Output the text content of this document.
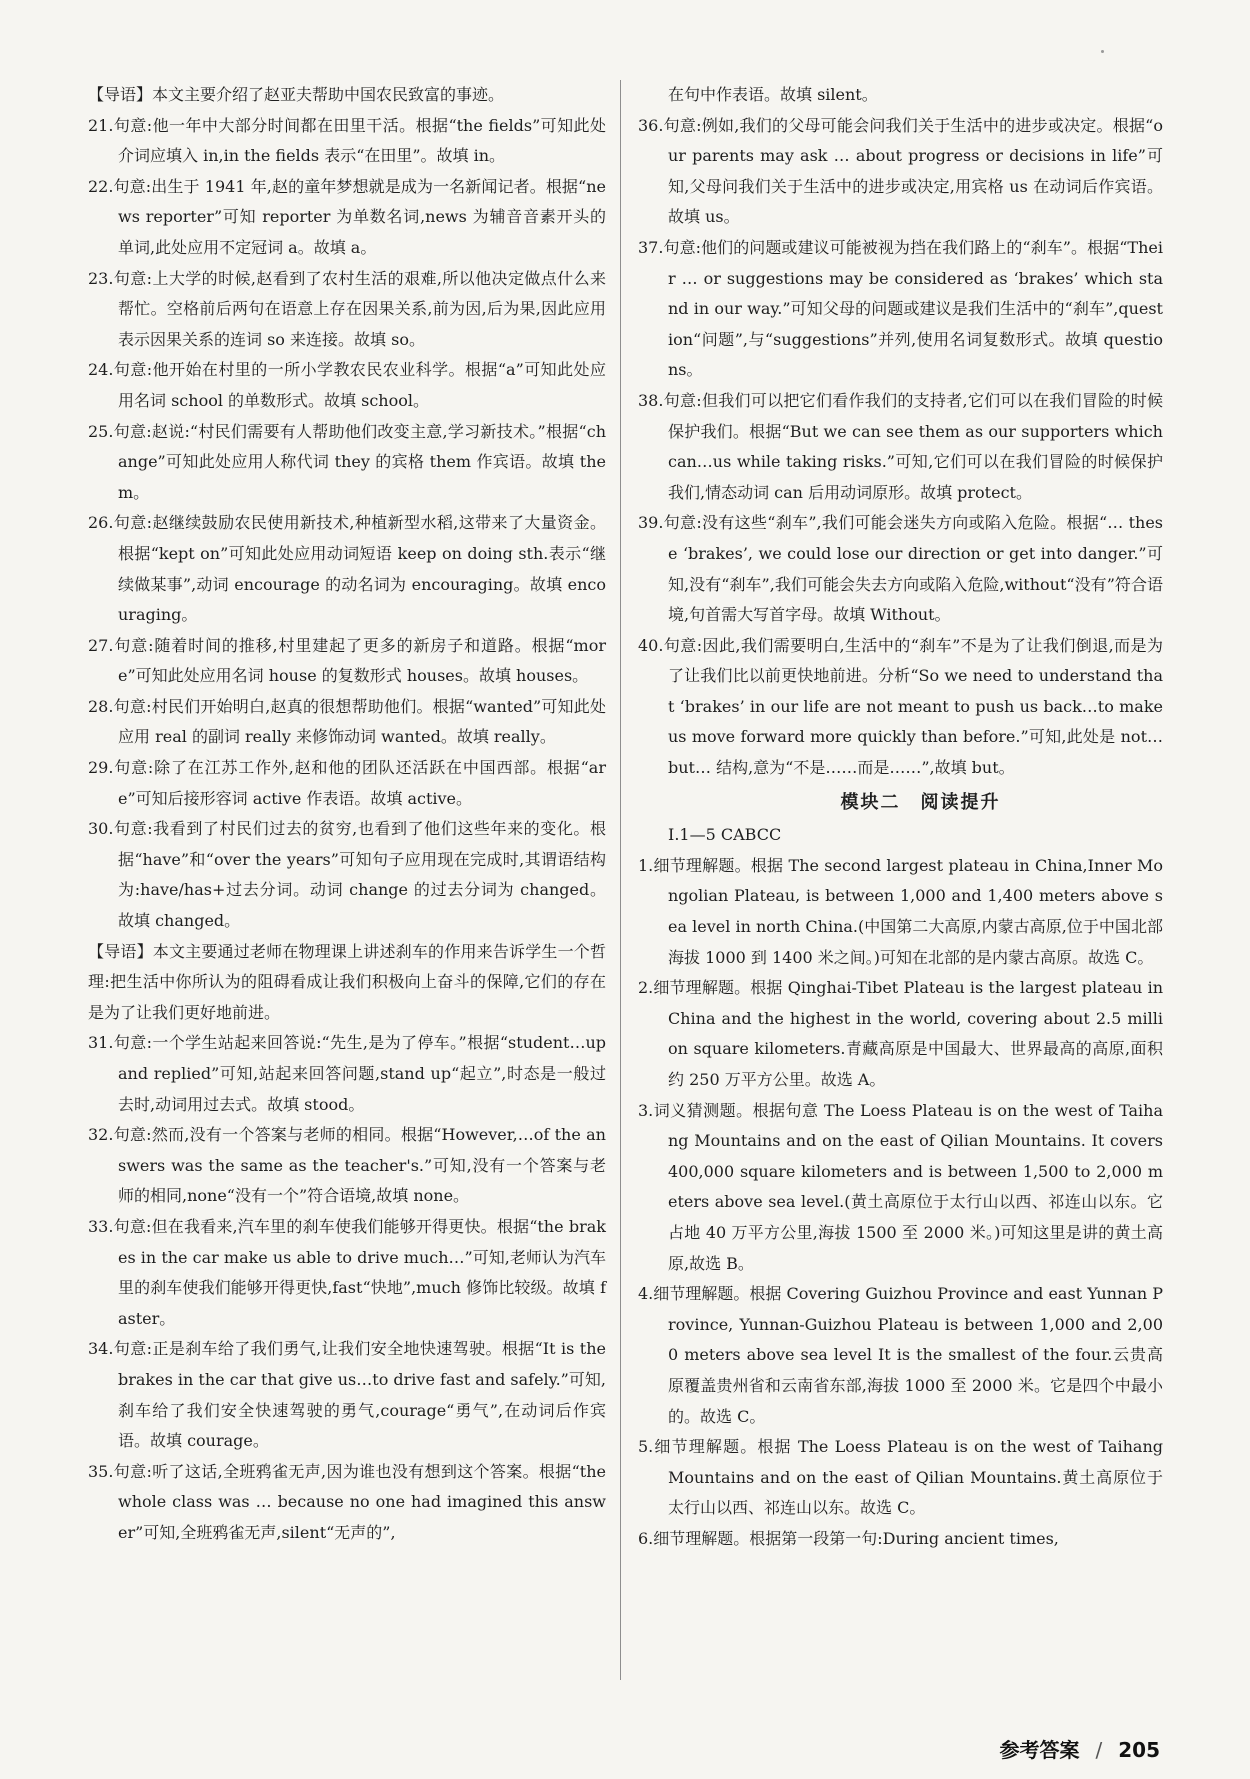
【导语】本文主要介绍了赵亚夫帮助中国农民致富的事迹。

21.句意:他一年中大部分时间都在田里干活。根据“the fields”可知此处介词应填入 in,in the fields 表示“在田里”。故填 in。

22.句意:出生于 1941 年,赵的童年梦想就是成为一名新闻记者。根据“news reporter”可知 reporter 为单数名词,news 为辅音音素开头的单词,此处应用不定冠词 a。故填 a。

23.句意:上大学的时候,赵看到了农村生活的艰难,所以他决定做点什么来帮忙。空格前后两句在语意上存在因果关系,前为因,后为果,因此应用表示因果关系的连词 so 来连接。故填 so。

24.句意:他开始在村里的一所小学教农民农业科学。根据“a”可知此处应用名词 school 的单数形式。故填 school。

25.句意:赵说:“村民们需要有人帮助他们改变主意,学习新技术。”根据“change”可知此处应用人称代词 they 的宾格 them 作宾语。故填 them。

26.句意:赵继续鼓励农民使用新技术,种植新型水稻,这带来了大量资金。根据“kept on”可知此处应用动词短语 keep on doing sth.表示“继续做某事”,动词 encourage 的动名词为 encouraging。故填 encouraging。

27.句意:随着时间的推移,村里建起了更多的新房子和道路。根据“more”可知此处应用名词 house 的复数形式 houses。故填 houses。

28.句意:村民们开始明白,赵真的很想帮助他们。根据“wanted”可知此处应用 real 的副词 really 来修饰动词 wanted。故填 really。

29.句意:除了在江苏工作外,赵和他的团队还活跃在中国西部。根据“are”可知后接形容词 active 作表语。故填 active。

30.句意:我看到了村民们过去的贫穷,也看到了他们这些年来的变化。根据“have”和“over the years”可知句子应用现在完成时,其谓语结构为:have/has+过去分词。动词 change 的过去分词为 changed。故填 changed。

【导语】本文主要通过老师在物理课上讲述刹车的作用来告诉学生一个哲理:把生活中你所认为的阻碍看成让我们积极向上奋斗的保障,它们的存在是为了让我们更好地前进。

31.句意:一个学生站起来回答说:“先生,是为了停车。”根据“student…up and replied”可知,站起来回答问题,stand up“起立”,时态是一般过去时,动词用过去式。故填 stood。

32.句意:然而,没有一个答案与老师的相同。根据“However,…of the answers was the same as the teacher's.”可知,没有一个答案与老师的相同,none“没有一个”符合语境,故填 none。

33.句意:但在我看来,汽车里的刹车使我们能够开得更快。根据“the brakes in the car make us able to drive much…”可知,老师认为汽车里的刹车使我们能够开得更快,fast“快地”,much 修饰比较级。故填 faster。

34.句意:正是刹车给了我们勇气,让我们安全地快速驾驶。根据“It is the brakes in the car that give us…to drive fast and safely.”可知,刹车给了我们安全快速驾驶的勇气,courage“勇气”,在动词后作宾语。故填 courage。

35.句意:听了这话,全班鸦雀无声,因为谁也没有想到这个答案。根据“the whole class was … because no one had imagined this answer”可知,全班鸦雀无声,silent“无声的”,

在句中作表语。故填 silent。

36.句意:例如,我们的父母可能会问我们关于生活中的进步或决定。根据“our parents may ask … about progress or decisions in life”可知,父母问我们关于生活中的进步或决定,用宾格 us 在动词后作宾语。故填 us。

37.句意:他们的问题或建议可能被视为挡在我们路上的“刹车”。根据“Their … or suggestions may be considered as ‘brakes’ which stand in our way.”可知父母的问题或建议是我们生活中的“刹车”,question“问题”,与“suggestions”并列,使用名词复数形式。故填 questions。

38.句意:但我们可以把它们看作我们的支持者,它们可以在我们冒险的时候保护我们。根据“But we can see them as our supporters which can…us while taking risks.”可知,它们可以在我们冒险的时候保护我们,情态动词 can 后用动词原形。故填 protect。

39.句意:没有这些“刹车”,我们可能会迷失方向或陷入危险。根据“… these ‘brakes’, we could lose our direction or get into danger.”可知,没有“刹车”,我们可能会失去方向或陷入危险,without“没有”符合语境,句首需大写首字母。故填 Without。

40.句意:因此,我们需要明白,生活中的“刹车”不是为了让我们倒退,而是为了让我们比以前更快地前进。分析“So we need to understand that ‘brakes’ in our life are not meant to push us back…to make us move forward more quickly than before.”可知,此处是 not… but… 结构,意为“不是……而是……”,故填 but。

模块二　阅读提升

Ⅰ.1—5 CABCC

1.细节理解题。根据 The second largest plateau in China,Inner Mongolian Plateau, is between 1,000 and 1,400 meters above sea level in north China.(中国第二大高原,内蒙古高原,位于中国北部海拔 1000 到 1400 米之间。)可知在北部的是内蒙古高原。故选 C。

2.细节理解题。根据 Qinghai-Tibet Plateau is the largest plateau in China and the highest in the world, covering about 2.5 million square kilometers.青藏高原是中国最大、世界最高的高原,面积约 250 万平方公里。故选 A。

3.词义猜测题。根据句意 The Loess Plateau is on the west of Taihang Mountains and on the east of Qilian Mountains. It covers 400,000 square kilometers and is between 1,500 to 2,000 meters above sea level.(黄土高原位于太行山以西、祁连山以东。它占地 40 万平方公里,海拔 1500 至 2000 米。)可知这里是讲的黄土高原,故选 B。

4.细节理解题。根据 Covering Guizhou Province and east Yunnan Province, Yunnan-Guizhou Plateau is between 1,000 and 2,000 meters above sea level It is the smallest of the four.云贵高原覆盖贵州省和云南省东部,海拔 1000 至 2000 米。它是四个中最小的。故选 C。

5.细节理解题。根据 The Loess Plateau is on the west of Taihang Mountains and on the east of Qilian Mountains.黄土高原位于太行山以西、祁连山以东。故选 C。

6.细节理解题。根据第一段第一句:During ancient times,

参考答案 / 205
